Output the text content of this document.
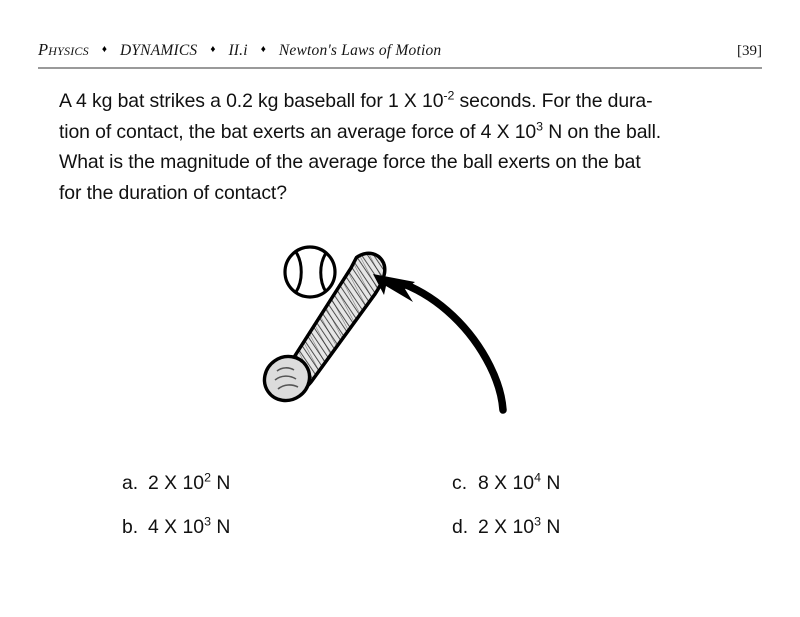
Physics	♦ DYNAMICS	♦ II.i	♦ Newton's Laws of Motion	[39]
A 4 kg bat strikes a 0.2 kg baseball for 1 X $10^{-2}$ seconds. For the dura-
tion of contact, the bat exerts an average force of 4 X $10^3$ N on the ball.
What is the magnitude of the average force the ball exerts on the bat
for the duration of contact?
a. 2 X $10^2$ N	c. 8 X $10^4$ N
b. 4 X $10^3$ N	d. 2 X $10^3$ N
